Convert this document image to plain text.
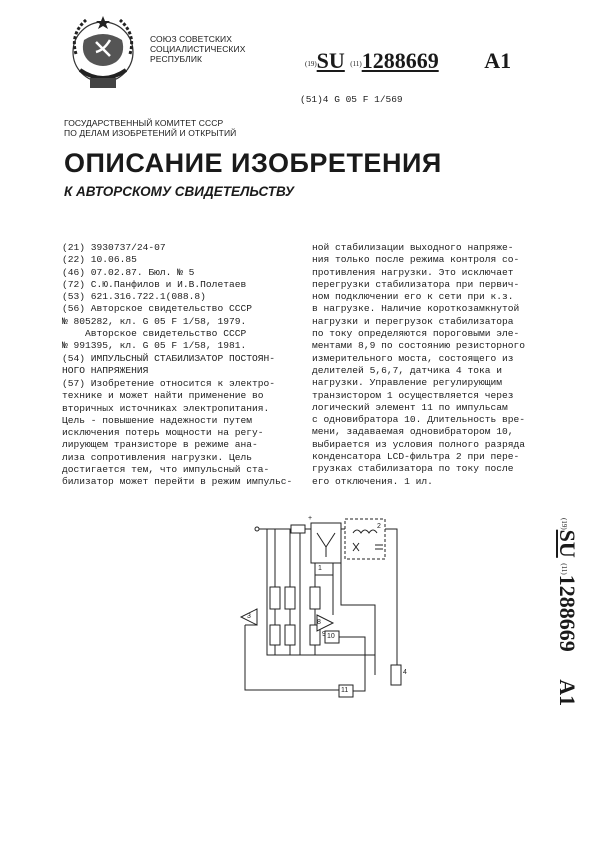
СОЮЗ СОВЕТСКИХ
СОЦИАЛИСТИЧЕСКИХ
РЕСПУБЛИК	(19)SU (11)1288669 A1
(51)4 G 05 F 1/569
ГОСУДАРСТВЕННЫЙ КОМИТЕТ СССР
ПО ДЕЛАМ ИЗОБРЕТЕНИЙ И ОТКРЫТИЙ
ОПИСАНИЕ ИЗОБРЕТЕНИЯ
К АВТОРСКОМУ СВИДЕТЕЛЬСТВУ
(21) 3930737/24-07
(22) 10.06.85
(46) 07.02.87. Бюл. № 5
(72) С.Ю.Панфилов и И.В.Полетаев
(53) 621.316.722.1(088.8)
(56) Авторское свидетельство СССР
№ 805282, кл. G 05 F 1/58, 1979.
Авторское свидетельство СССР
№ 991395, кл. G 05 F 1/58, 1981.
(54) ИМПУЛЬСНЫЙ СТАБИЛИЗАТОР ПОСТОЯН-
НОГО НАПРЯЖЕНИЯ
(57) Изобретение относится к электро-
технике и может найти применение во
вторичных источниках электропитания.
Цель - повышение надежности путем
исключения потерь мощности на регу-
лирующем транзисторе в режиме ана-
лизa сопротивления нагрузки. Цель
достигается тем, что импульсный ста-
билизатор может перейти в режим импульс-
ной стабилизации выходного напряже-
ния только после режима контроля со-
противления нагрузки. Это исключает
перегрузки стабилизатора при первич-
ном подключении его к сети при к.з.
в нагрузке. Наличие короткозамкнутой
нагрузки и перегрузок стабилизатора
по току определяются пороговыми эле-
ментами 8,9 по состоянию резисторного
измерительного моста, состоящего из
делителей 5,6,7, датчика 4 тока и
нагрузки. Управление регулирующим
транзистором 1 осуществляется через
логический элемент 11 по импульсам
с одновибратора 10. Длительность вре-
мени, задаваемая одновибратором 10,
выбирается из условия полного разряда
конденсатора LCD-фильтра 2 при пере-
грузках стабилизатора по току после
его отключения. 1 ил.
(19)SU (11)1288669 A1
+
1
2
3
8
9 10
11
4
